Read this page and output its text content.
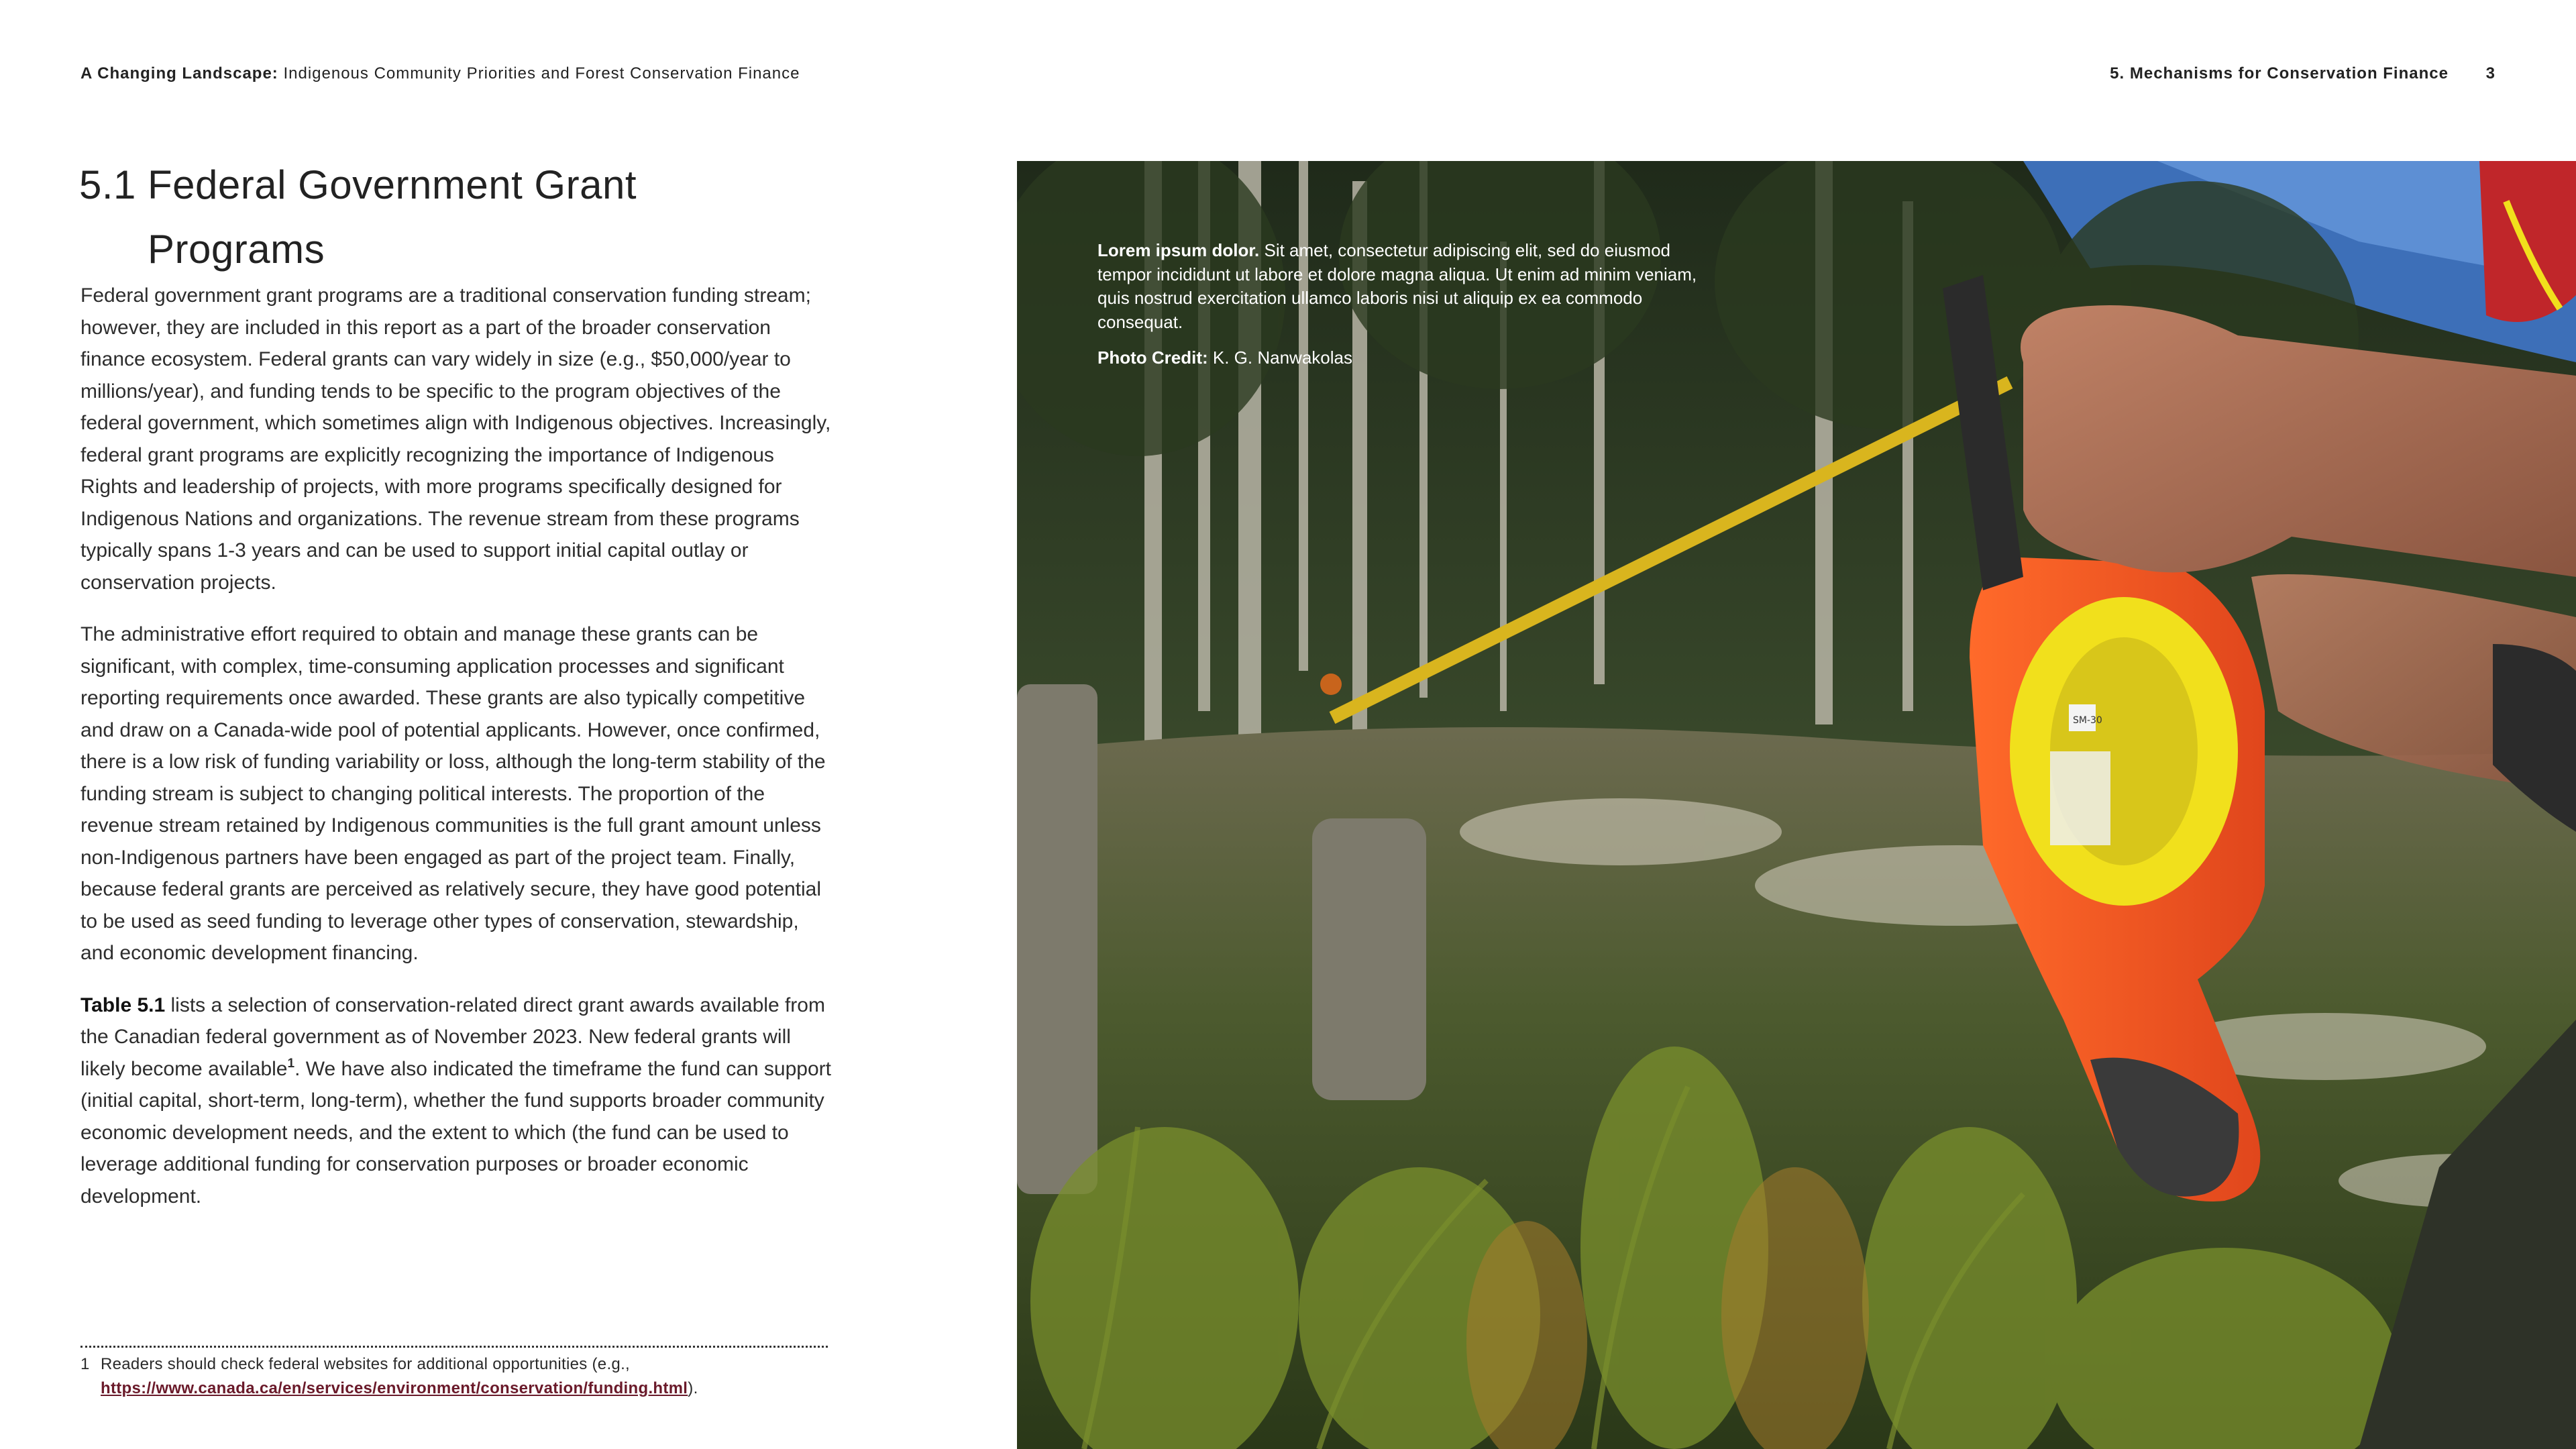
A Changing Landscape: Indigenous Community Priorities and Forest Conservation Finance	5. Mechanisms for Conservation Finance 3
5.1 Federal Government Grant Programs

Federal government grant programs are a traditional conservation funding stream; however, they are included in this report as a part of the broader conservation finance ecosystem. Federal grants can vary widely in size (e.g., $50,000/year to millions/year), and funding tends to be specific to the program objectives of the federal government, which sometimes align with Indigenous objectives. Increasingly, federal grant programs are explicitly recognizing the importance of Indigenous Rights and leadership of projects, with more programs specifically designed for Indigenous Nations and organizations. The revenue stream from these programs typically spans 1-3 years and can be used to support initial capital outlay or conservation projects.

The administrative effort required to obtain and manage these grants can be significant, with complex, time-consuming application processes and significant reporting requirements once awarded. These grants are also typically competitive and draw on a Canada-wide pool of potential applicants. However, once confirmed, there is a low risk of funding variability or loss, although the long-term stability of the funding stream is subject to changing political interests. The proportion of the revenue stream retained by Indigenous communities is the full grant amount unless non-Indigenous partners have been engaged as part of the project team. Finally, because federal grants are perceived as relatively secure, they have good potential to be used as seed funding to leverage other types of conservation, stewardship, and economic development financing.

Table 5.1 lists a selection of conservation-related direct grant awards available from the Canadian federal government as of November 2023. New federal grants will likely become available$^1$. We have also indicated the timeframe the fund can support (initial capital, short-term, long-term), whether the fund supports broader community economic development needs, and the extent to which (the fund can be used to leverage additional funding for conservation purposes or broader economic development.

1 Readers should check federal websites for additional opportunities (e.g.,
https://www.canada.ca/en/services/environment/conservation/funding.html).
SM-30

Lorem ipsum dolor. Sit amet, consectetur adipiscing elit, sed do eiusmod tempor incididunt ut labore et dolore magna aliqua. Ut enim ad minim veniam, quis nostrud exercitation ullamco laboris nisi ut aliquip ex ea commodo consequat.

Photo Credit: K. G. Nanwakolas
